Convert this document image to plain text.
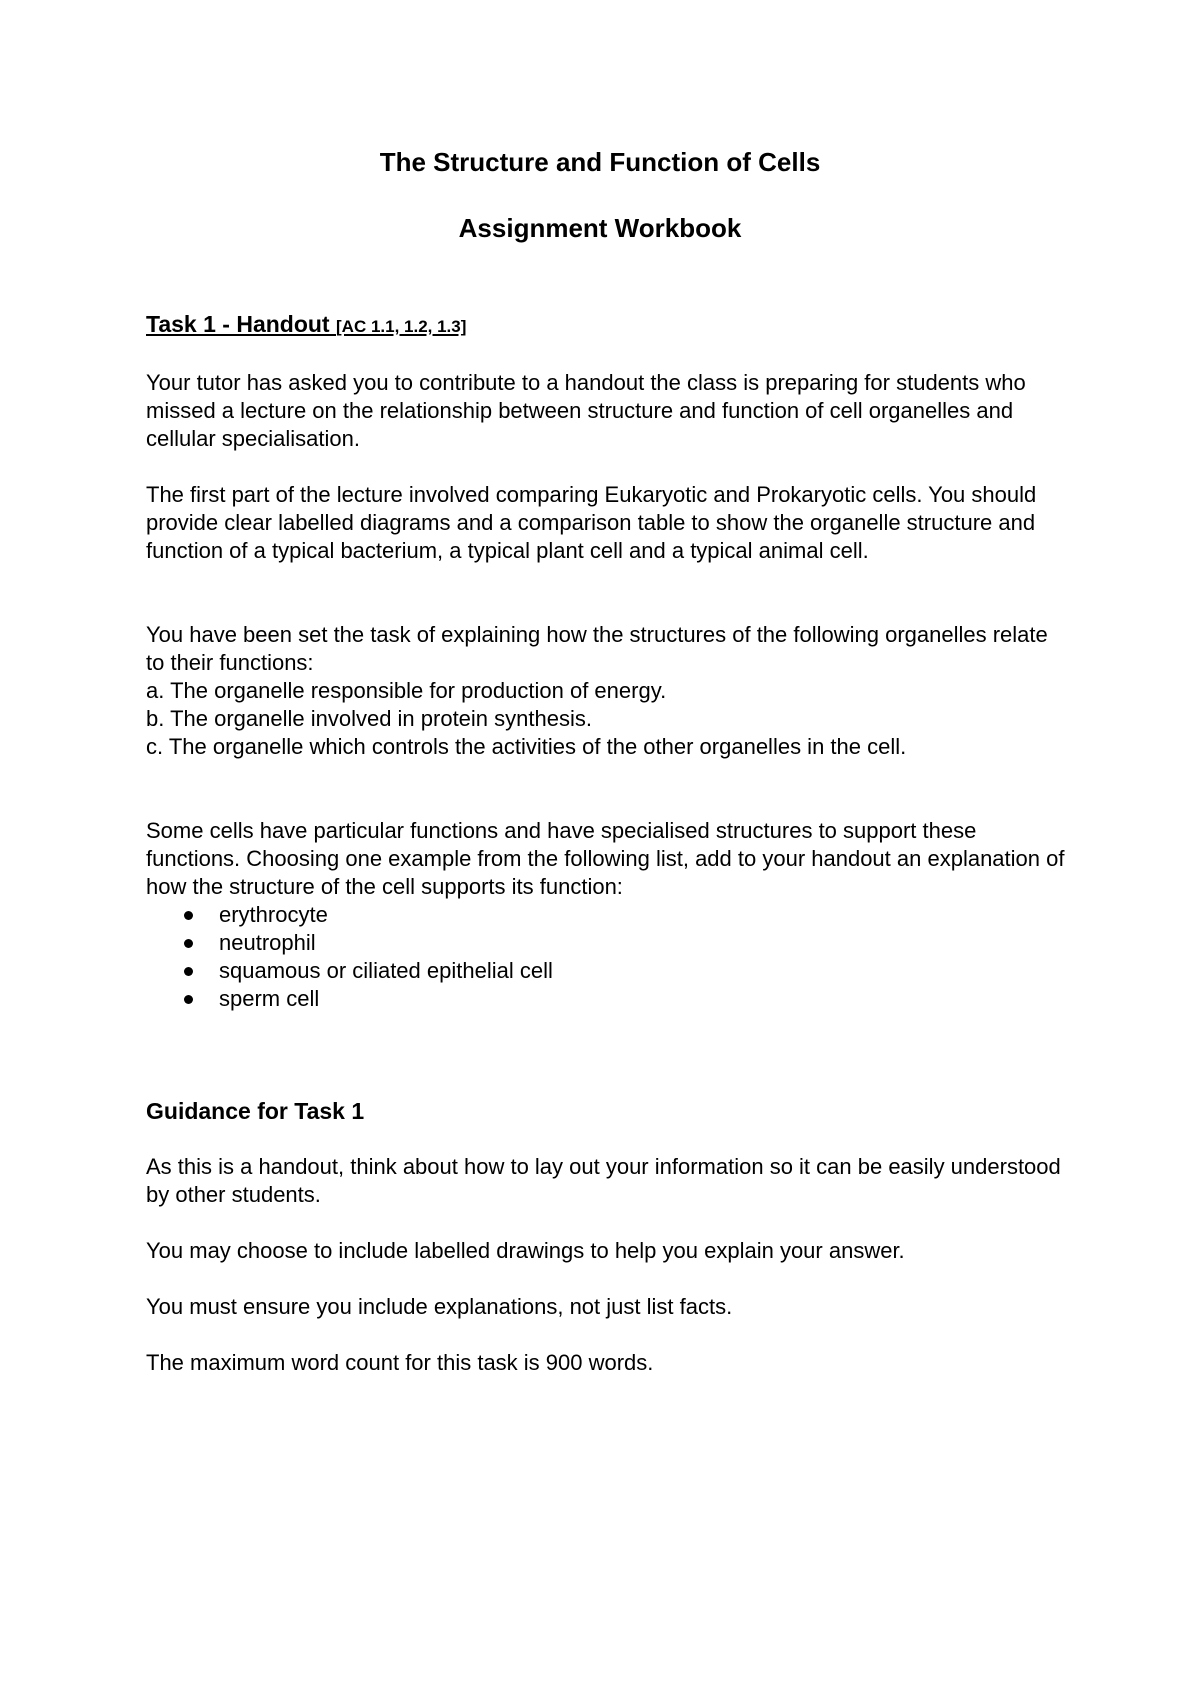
The Structure and Function of Cells
Assignment Workbook
Task 1 - Handout [AC 1.1, 1.2, 1.3]

Your tutor has asked you to contribute to a handout the class is preparing for students who missed a lecture on the relationship between structure and function of cell organelles and cellular specialisation.

The first part of the lecture involved comparing Eukaryotic and Prokaryotic cells. You should provide clear labelled diagrams and a comparison table to show the organelle structure and function of a typical bacterium, a typical plant cell and a typical animal cell.

You have been set the task of explaining how the structures of the following organelles relate to their functions:

a. The organelle responsible for production of energy.
b. The organelle involved in protein synthesis.
c. The organelle which controls the activities of the other organelles in the cell.

Some cells have particular functions and have specialised structures to support these functions. Choosing one example from the following list, add to your handout an explanation of how the structure of the cell supports its function:

erythrocyte
neutrophil
squamous or ciliated epithelial cell
sperm cell
Guidance for Task 1

As this is a handout, think about how to lay out your information so it can be easily understood by other students.

You may choose to include labelled drawings to help you explain your answer.

You must ensure you include explanations, not just list facts.

The maximum word count for this task is 900 words.
